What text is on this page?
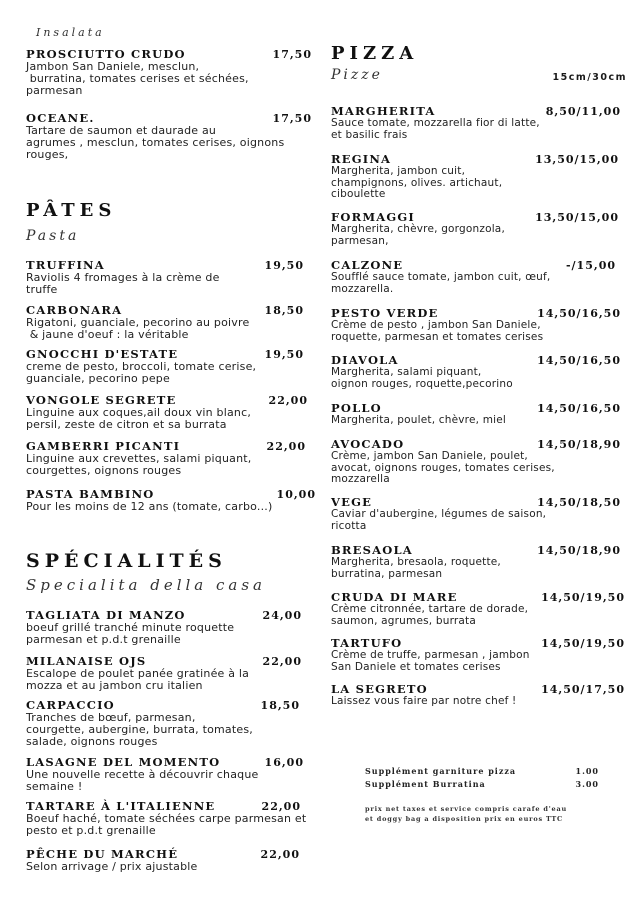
Insalata
PROSCIUTTO CRUDO	17,50
Jambon San Daniele, mesclun,
burratina, tomates cerises et séchées,
parmesan
OCEANE.	17,50
Tartare de saumon et daurade au
agrumes , mesclun, tomates cerises, oignons
rouges,
PÂTES
Pasta
TRUFFINA	19,50
Raviolis 4 fromages à la crème de
truffe
CARBONARA	18,50
Rigatoni, guanciale, pecorino au poivre
& jaune d'oeuf : la véritable
GNOCCHI D'ESTATE	19,50
creme de pesto, broccoli, tomate cerise,
guanciale, pecorino pepe
VONGOLE SEGRETE	22,00
Linguine aux coques,ail doux vin blanc,
persil, zeste de citron et sa burrata
GAMBERRI PICANTI	22,00
Linguine aux crevettes, salami piquant,
courgettes, oignons rouges
PASTA BAMBINO	10,00
Pour les moins de 12 ans (tomate, carbo...)
SPÉCIALITÉS
Specialita della casa
TAGLIATA DI MANZO	24,00
boeuf grillé tranché minute roquette
parmesan et p.d.t grenaille
MILANAISE OJS	22,00
Escalope de poulet panée gratinée à la
mozza et au jambon cru italien
CARPACCIO	18,50
Tranches de bœuf, parmesan,
courgette, aubergine, burrata, tomates,
salade, oignons rouges
LASAGNE DEL MOMENTO	16,00
Une nouvelle recette à découvrir chaque
semaine !
TARTARE À L'ITALIENNE	22,00
Boeuf haché, tomate séchées carpe parmesan et
pesto et p.d.t grenaille
PÊCHE DU MARCHÉ	22,00
Selon arrivage / prix ajustable
PIZZA
Pizze	15cm/30cm
MARGHERITA	8,50/11,00
Sauce tomate, mozzarella fior di latte,
et basilic frais
REGINA	13,50/15,00
Margherita, jambon cuit,
champignons, olives. artichaut,
ciboulette
FORMAGGI	13,50/15,00
Margherita, chèvre, gorgonzola,
parmesan,
CALZONE	-/15,00
Soufflé sauce tomate, jambon cuit, œuf,
mozzarella.
PESTO VERDE	14,50/16,50
Crème de pesto , jambon San Daniele,
roquette, parmesan et tomates cerises
DIAVOLA	14,50/16,50
Margherita, salami piquant,
oignon rouges, roquette,pecorino
POLLO	14,50/16,50
Margherita, poulet, chèvre, miel
AVOCADO	14,50/18,90
Crème, jambon San Daniele, poulet,
avocat, oignons rouges, tomates cerises,
mozzarella
VEGE	14,50/18,50
Caviar d'aubergine, légumes de saison,
ricotta
BRESAOLA	14,50/18,90
Margherita, bresaola, roquette,
burratina, parmesan
CRUDA DI MARE	14,50/19,50
Crème citronnée, tartare de dorade,
saumon, agrumes, burrata
TARTUFO	14,50/19,50
Crème de truffe, parmesan , jambon
San Daniele et tomates cerises
LA SEGRETO	14,50/17,50
Laissez vous faire par notre chef !
Supplément garniture pizza	1.00
Supplément Burratina	3.00
prix net taxes et service compris carafe d'eau
et doggy bag a disposition prix en euros TTC
